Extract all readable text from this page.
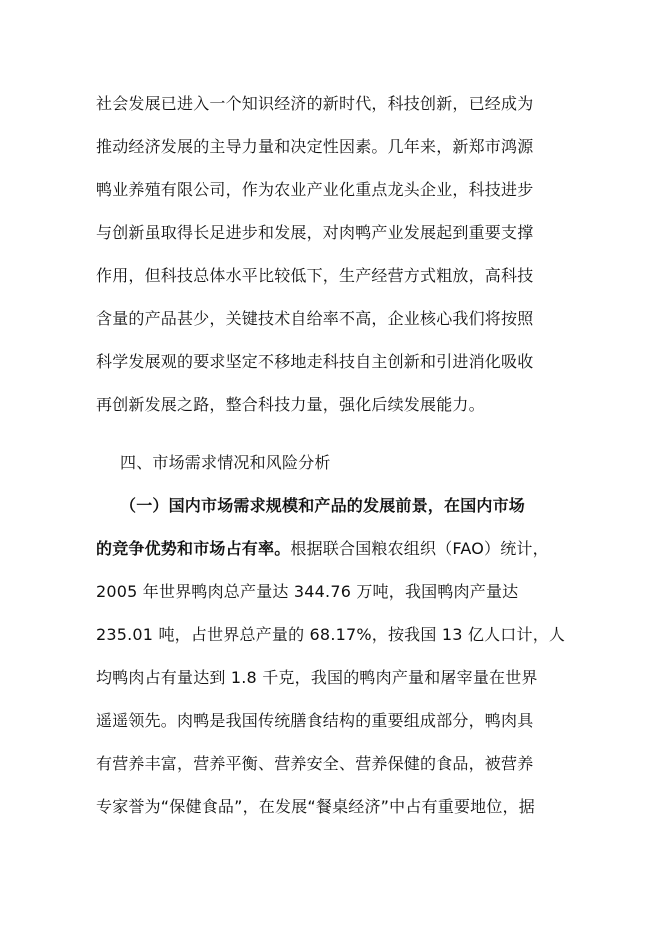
社会发展已进入一个知识经济的新时代，科技创新，已经成为
推动经济发展的主导力量和决定性因素。几年来，新郑市鸿源
鸭业养殖有限公司，作为农业产业化重点龙头企业，科技进步
与创新虽取得长足进步和发展，对肉鸭产业发展起到重要支撑
作用，但科技总体水平比较低下，生产经营方式粗放，高科技
含量的产品甚少，关键技术自给率不高，企业核心我们将按照
科学发展观的要求坚定不移地走科技自主创新和引进消化吸收
再创新发展之路，整合科技力量，强化后续发展能力。
四、市场需求情况和风险分析
（一）国内市场需求规模和产品的发展前景，在国内市场
的竞争优势和市场占有率。根据联合国粮农组织（FAO）统计，
2005 年世界鸭肉总产量达 344.76 万吨，我国鸭肉产量达
235.01 吨，占世界总产量的 68.17%，按我国 13 亿人口计，人
均鸭肉占有量达到 1.8 千克，我国的鸭肉产量和屠宰量在世界
遥遥领先。肉鸭是我国传统膳食结构的重要组成部分，鸭肉具
有营养丰富，营养平衡、营养安全、营养保健的食品，被营养
专家誉为“保健食品”，在发展“餐桌经济”中占有重要地位，据
